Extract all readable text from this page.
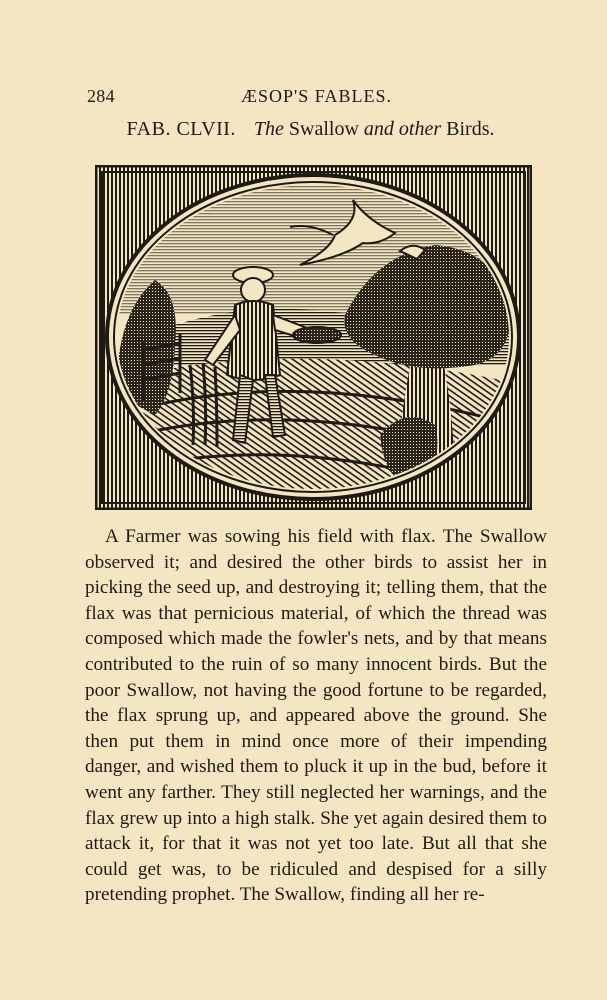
284	ÆSOP'S FABLES.
FAB. CLVII. The Swallow and other Birds.

A Farmer was sowing his field with flax. The Swallow observed it; and desired the other birds to assist her in picking the seed up, and destroying it; telling them, that the flax was that pernicious material, of which the thread was composed which made the fowler's nets, and by that means contributed to the ruin of so many innocent birds. But the poor Swallow, not having the good fortune to be regarded, the flax sprung up, and appeared above the ground. She then put them in mind once more of their impending danger, and wished them to pluck it up in the bud, before it went any farther. They still neglected her warnings, and the flax grew up into a high stalk. She yet again desired them to attack it, for that it was not yet too late. But all that she could get was, to be ridiculed and despised for a silly pretending prophet. The Swallow, finding all her re-
